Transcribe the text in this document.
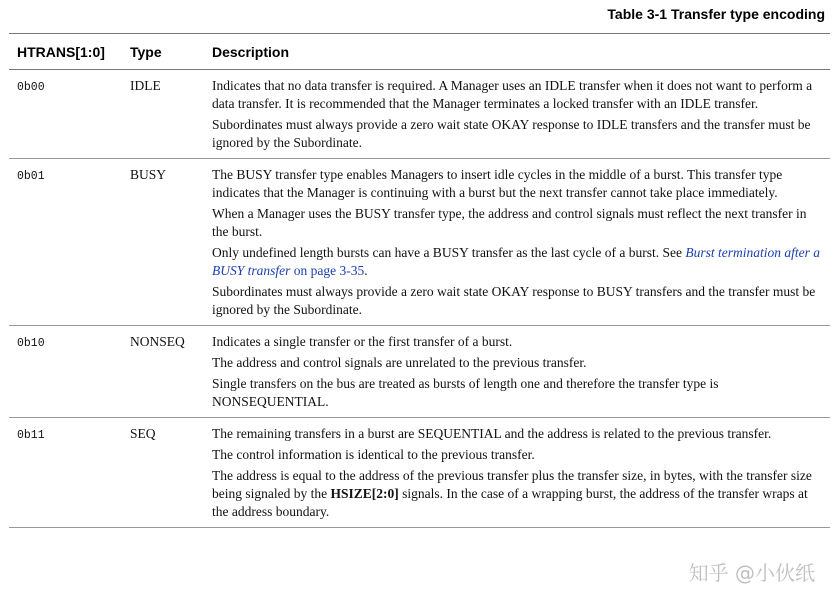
Table 3-1 Transfer type encoding
HTRANS[1:0]	Type	Description
0b00	IDLE	Indicates that no data transfer is required. A Manager uses an IDLE transfer when it does not want to perform a data transfer. It is recommended that the Manager terminates a locked transfer with an IDLE transfer.

Subordinates must always provide a zero wait state OKAY response to IDLE transfers and the transfer must be ignored by the Subordinate.

0b01	BUSY	The BUSY transfer type enables Managers to insert idle cycles in the middle of a burst. This transfer type indicates that the Manager is continuing with a burst but the next transfer cannot take place immediately.

When a Manager uses the BUSY transfer type, the address and control signals must reflect the next transfer in the burst.

Only undefined length bursts can have a BUSY transfer as the last cycle of a burst. See Burst termination after a BUSY transfer on page 3-35.

Subordinates must always provide a zero wait state OKAY response to BUSY transfers and the transfer must be ignored by the Subordinate.

0b10	NONSEQ	Indicates a single transfer or the first transfer of a burst.

The address and control signals are unrelated to the previous transfer.

Single transfers on the bus are treated as bursts of length one and therefore the transfer type is NONSEQUENTIAL.

0b11	SEQ	The remaining transfers in a burst are SEQUENTIAL and the address is related to the previous transfer.

The control information is identical to the previous transfer.

The address is equal to the address of the previous transfer plus the transfer size, in bytes, with the transfer size being signaled by the HSIZE[2:0] signals. In the case of a wrapping burst, the address of the transfer wraps at the address boundary.

知乎 @小伙纸
